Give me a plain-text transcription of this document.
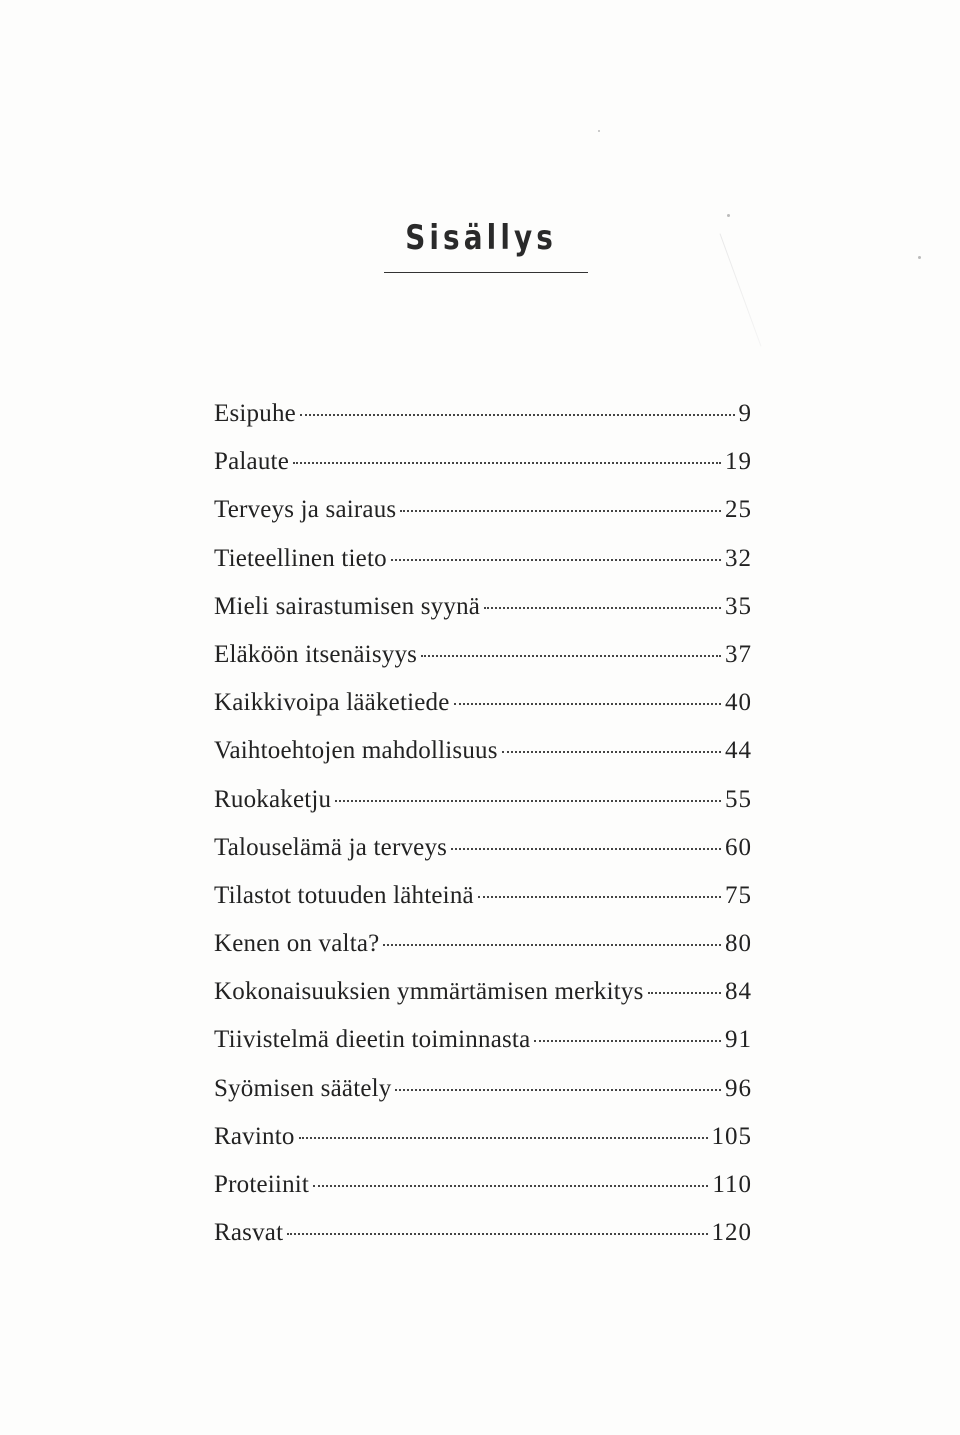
Sisällys
Esipuhe	9
Palaute	19
Terveys ja sairaus	25
Tieteellinen tieto	32
Mieli sairastumisen syynä	35
Eläköön itsenäisyys	37
Kaikkivoipa lääketiede	40
Vaihtoehtojen mahdollisuus	44
Ruokaketju	55
Talouselämä ja terveys	60
Tilastot totuuden lähteinä	75
Kenen on valta?	80
Kokonaisuuksien ymmärtämisen merkitys	84
Tiivistelmä dieetin toiminnasta	91
Syömisen säätely	96
Ravinto	105
Proteiinit	110
Rasvat	120
